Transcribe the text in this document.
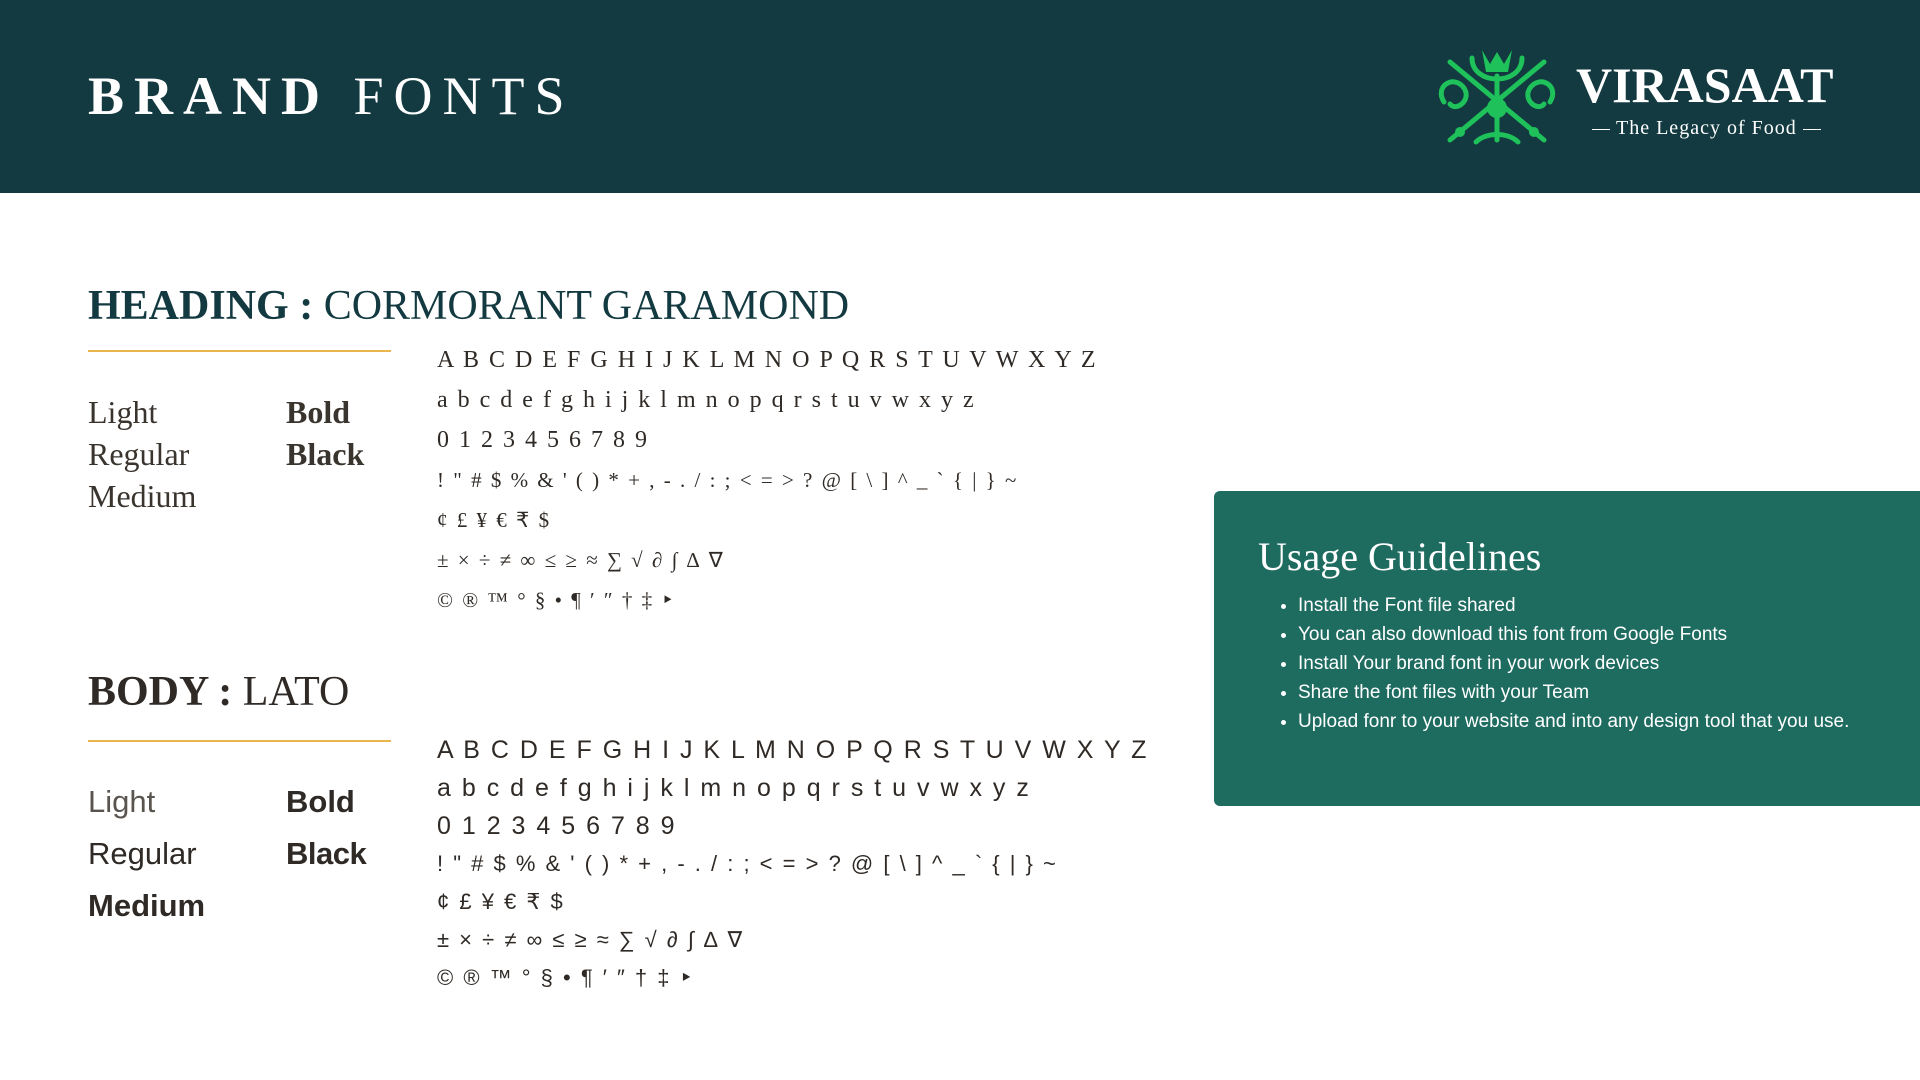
BRAND FONTS	VIRASAAT
The Legacy of Food
HEADING : CORMORANT GARAMOND
Light
Regular
Medium
Bold
Black
A B C D E F G H I J K L M N O P Q R S T U V W X Y Z
a b c d e f g h i j k l m n o p q r s t u v w x y z
0 1 2 3 4 5 6 7 8 9
! " # $ % & ' ( ) * + , - . / : ; < = > ? @ [ \ ] ^ _ ` { | } ~
¢ £ ¥ € ₹ $
± × ÷ ≠ ∞ ≤ ≥ ≈ ∑ √ ∂ ∫ ∆ ∇
© ® ™ ° § • ¶ ′ ″ † ‡ ‣
BODY : LATO
Light
Regular
Medium
Bold
Black
A B C D E F G H I J K L M N O P Q R S T U V W X Y Z
a b c d e f g h i j k l m n o p q r s t u v w x y z
0 1 2 3 4 5 6 7 8 9
! " # $ % & ' ( ) * + , - . / : ; < = > ? @ [ \ ] ^ _ ` { | } ~
¢ £ ¥ € ₹ $
± × ÷ ≠ ∞ ≤ ≥ ≈ ∑ √ ∂ ∫ ∆ ∇
© ® ™ ° § • ¶ ′ ″ † ‡ ‣
Usage Guidelines
• Install the Font file shared
• You can also download this font from Google Fonts
• Install Your brand font in your work devices
• Share the font files with your Team
• Upload fonr to your website and into any design tool that you use.
